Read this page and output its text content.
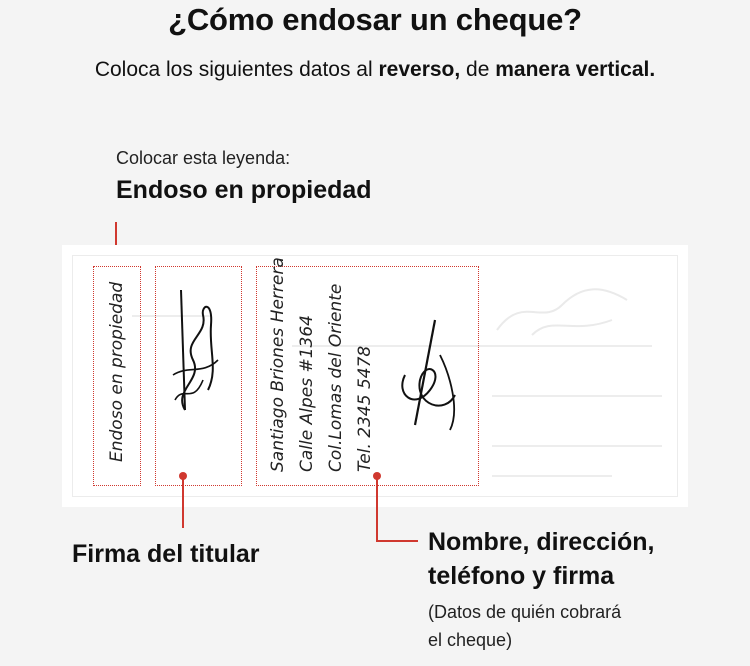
¿Cómo endosar un cheque?
Coloca los siguientes datos al reverso, de manera vertical.
Colocar esta leyenda:
Endoso en propiedad
Endoso en propiedad	Santiago Briones Herrera Calle Alpes #1364 Col.Lomas del Oriente Tel. 2345 5478
Firma del titular	Nombre, dirección,
teléfono y firma
(Datos de quién cobrará
el cheque)
